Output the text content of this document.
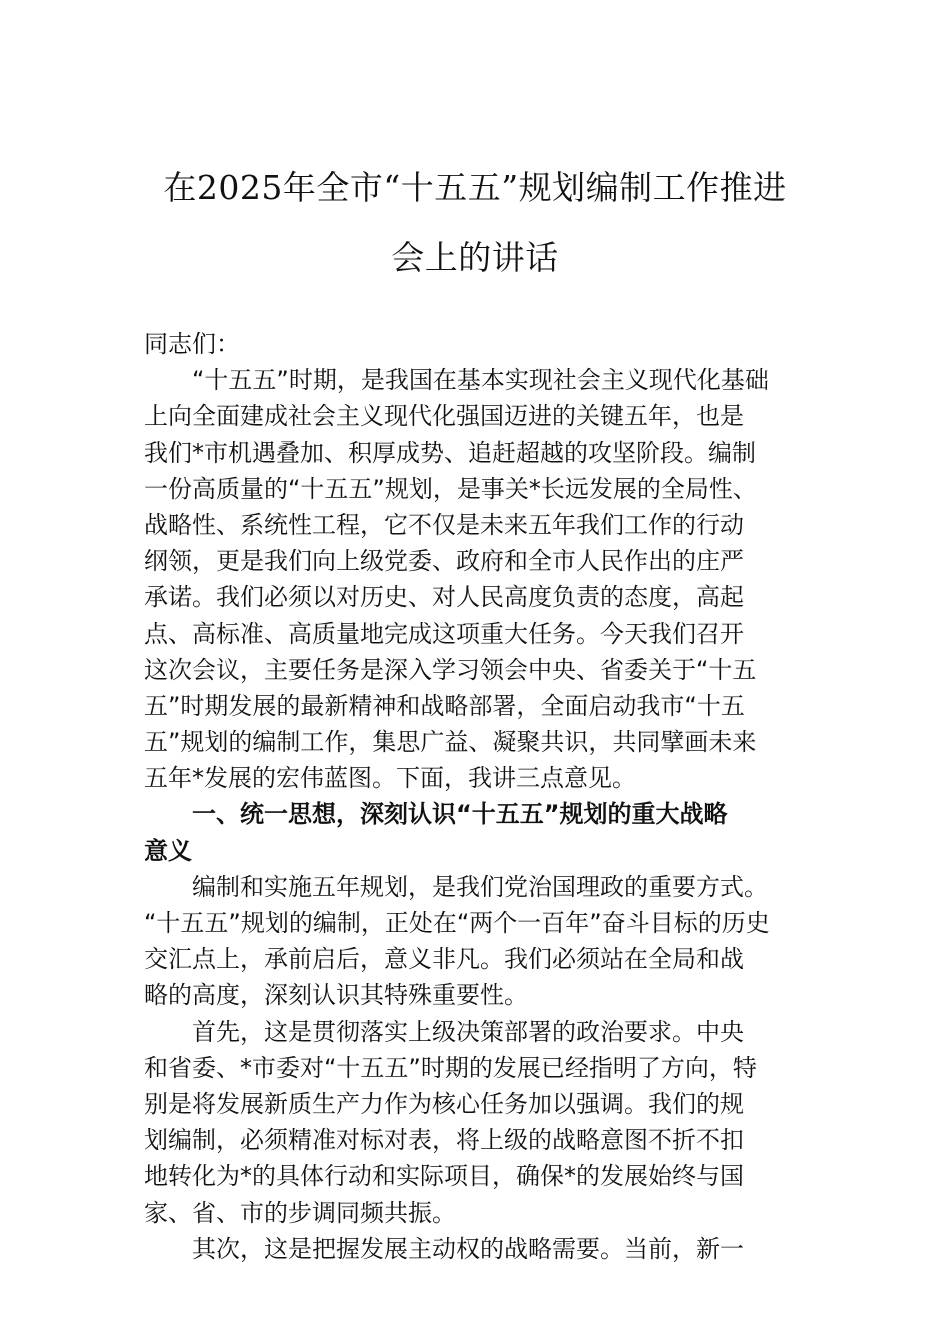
在2025年全市“十五五”规划编制工作推进
会上的讲话
同志们：
“十五五”时期，是我国在基本实现社会主义现代化基础
上向全面建成社会主义现代化强国迈进的关键五年，也是
我们*市机遇叠加、积厚成势、追赶超越的攻坚阶段。编制
一份高质量的“十五五”规划，是事关*长远发展的全局性、
战略性、系统性工程，它不仅是未来五年我们工作的行动
纲领，更是我们向上级党委、政府和全市人民作出的庄严
承诺。我们必须以对历史、对人民高度负责的态度，高起
点、高标准、高质量地完成这项重大任务。今天我们召开
这次会议，主要任务是深入学习领会中央、省委关于“十五
五”时期发展的最新精神和战略部署，全面启动我市“十五
五”规划的编制工作，集思广益、凝聚共识，共同擘画未来
五年*发展的宏伟蓝图。下面，我讲三点意见。
一、统一思想，深刻认识“十五五”规划的重大战略
意义
编制和实施五年规划，是我们党治国理政的重要方式。
“十五五”规划的编制，正处在“两个一百年”奋斗目标的历史
交汇点上，承前启后，意义非凡。我们必须站在全局和战
略的高度，深刻认识其特殊重要性。
首先，这是贯彻落实上级决策部署的政治要求。中央
和省委、*市委对“十五五”时期的发展已经指明了方向，特
别是将发展新质生产力作为核心任务加以强调。我们的规
划编制，必须精准对标对表，将上级的战略意图不折不扣
地转化为*的具体行动和实际项目，确保*的发展始终与国
家、省、市的步调同频共振。
其次，这是把握发展主动权的战略需要。当前，新一
